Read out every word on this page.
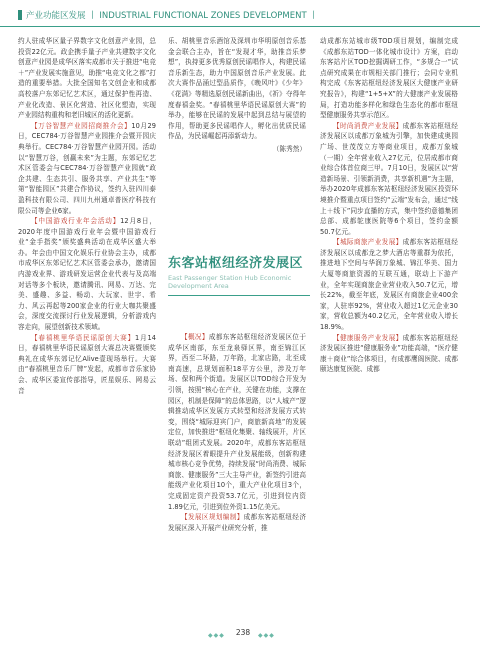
产业功能区发展 丨 INDUSTRIAL FUNCTIONAL ZONES DEVELOPMENT 丨

约人驻成华区量子界数字文化创意产业园，总投资22亿元。政企携手量子产业共建数字文化创意产业园是成华区落实成都市关于推进“电竞＋”产业发展实施意见，助推“电竞文化之都”打造的重要举措。大批全国知名文创企业和成都高校落户东郊记忆艺术区，通过保护性再造、产业化改造、景区化营造、社区化塑造，实现产业园结构重构和老旧城区的活化更新。

【万谷智慧产业园招商推介会】10月29日，CEC784·万谷智慧产业园推介会暨开园庆典举行。CEC784·万谷智慧产业园开园。活动以“智慧万谷，创赢未来”为主题，东郊记忆艺术区管委会与CEC784·万谷智慧产业园就“政企共建、生态共引、服务共享、产业共生”等第“智能园区”共建合作协议，签约入驻四川泰盈科技有限公司、四川九州通卓普医疗科技有限公司等企业6家。

【中国游戏行业年会活动】12月8日，2020年度中国游戏行业年会暨中国游戏行业“金手指奖”颁奖盛典活动在成华区盛大举办。年会由中国文化娱乐行业协会主办，成都市成华区东郊记忆艺术区管委会承办，邀请国内游戏业界、游戏研发运营企业代表与及高端对话等多个板块，邀请腾讯、网易、万达、完美、盛趣、多益、畅动、大玩家、世宇、希力、风云再起等200家企业的行业大咖共聚盛会，深度交流探讨行业发展逻辑，分析游戏内容走向，展望创新技术领域。

【春禧桃里华语民谣原创大赛】1月14日，春禧桃里华语民谣原创大赛总决赛暨颁奖典礼在成华东郊记忆Alive壹现场举行。大赛由“春禧桃里音乐厂牌”发起，成都市音乐家协会、成华区委宣传部指导，匠星娱乐、网易云音

乐、胡桃里音乐酒馆及深圳市华明原创音乐基金会联合主办，旨在“发现才华，助推音乐梦想”，执持更多优秀原创民谣唱作人，构建民谣音乐新生态，助力中国原创音乐产业发展。此次大赛作品涌过型品质作，《晚风叶》《少年》《花满》等精选原创民谣新曲出，《祈》夺得年度春禧金奖。“春禧桃里华语民谣原创大赛”的举办，能够在民谣的发展中起到总结与展望的作用，帮助更多民谣唱作人，孵化出优质民谣作品，为民谣崛起再添新动力。

（陈秀然）

东客站枢纽经济发展区
East Passenger Station Hub Economic
Development Area

【概况】成都东客站枢纽经济发展区位于成华区南部，东至龙泉驿区界，南至锦江区界，西至二环路，万年路，北家店路，北至成南高速，总规划面积18平方公里，涉及万年场、保和两个街道。发展区以TOD综合开发为引领，按照“核心在产业，关键在功能，支撑在园区，机制是保障”的总体思路，以“人城产”逻辑推动成华区发展方式转型和经济发展方式转变，围绕“城际迎宾门户，商旅新高地”的发展定位，加快推进“枢纽化集聚、轴线展开，片区联动”组团式发展。2020年，成都东客站枢纽经济发展区着眼提升产业发展能级，创新构建城市核心竞争优势，持续发展“时尚消费、城际商旅、健康服务”三大主导产业，新签约引进高能级产业化项目10个，重大产业化项目3个，完成固定资产投资53.7亿元，引进到位内资1.89亿元，引进到位外资1.15亿美元。

【发展区规划编制】成都东客站枢纽经济发展区深入开展产业研究分析，推

动成都东站城市级TOD项目规划，编制完成《成都东站TOD一体化城市设计》方案，启动东客站片区TOD挖掘调研工作，“多规合一”试点研究成果在市规相关部门推行；会同专业机构完成《东客站枢纽经济发展区大健康产业研究报告》，构建“1+5+X”的大健康产业发展格局，打造功能多样化和绿色生态化的都市枢纽型健康服务共享示范区。

【时尚消费产业发展】成都东客站枢纽经济发展区以成都万象城为引擎，加快建成奥园广场、世茂茂立方等商业项目，成都万象城（一期）全年营业收入27亿元，位居成都市商业综合体首位商三甲。7月10日，发展区以“营造新场景、引领新消费，共享新机遇”为主题，举办2020年成都东客站枢纽经济发展区投资环境推介暨重点项目签约“云端”发布会，通过“线上＋线下”同步直播的方式，集中签约意德集团总部、成都鸵康医院等6个项目，签约金额50.7亿元。

【城际商旅产业发展】成都东客站枢纽经济发展区以成都龙之梦大酒店等重群为依托，推进地下空间与华润万象城、锦江华美、国力大厦等商旅资源的互联互通，联动上下游产业，全年实现商旅企业营业收入50.7亿元，增长22%，截至年底，发展区有商旅企业400余家，人驻率92%，营业收入超过1亿元企业30家，营收总额为40.2亿元，全年营业收入增长18.9%。

【健康服务产业发展】成都东客站枢纽经济发展区推进“健康服务业”功能高端，“医疗健康＋商业”综合体项目，有成都鹰阁医院、成都颐达康复医院、成都

◆◆◆	238	◆◆◆
